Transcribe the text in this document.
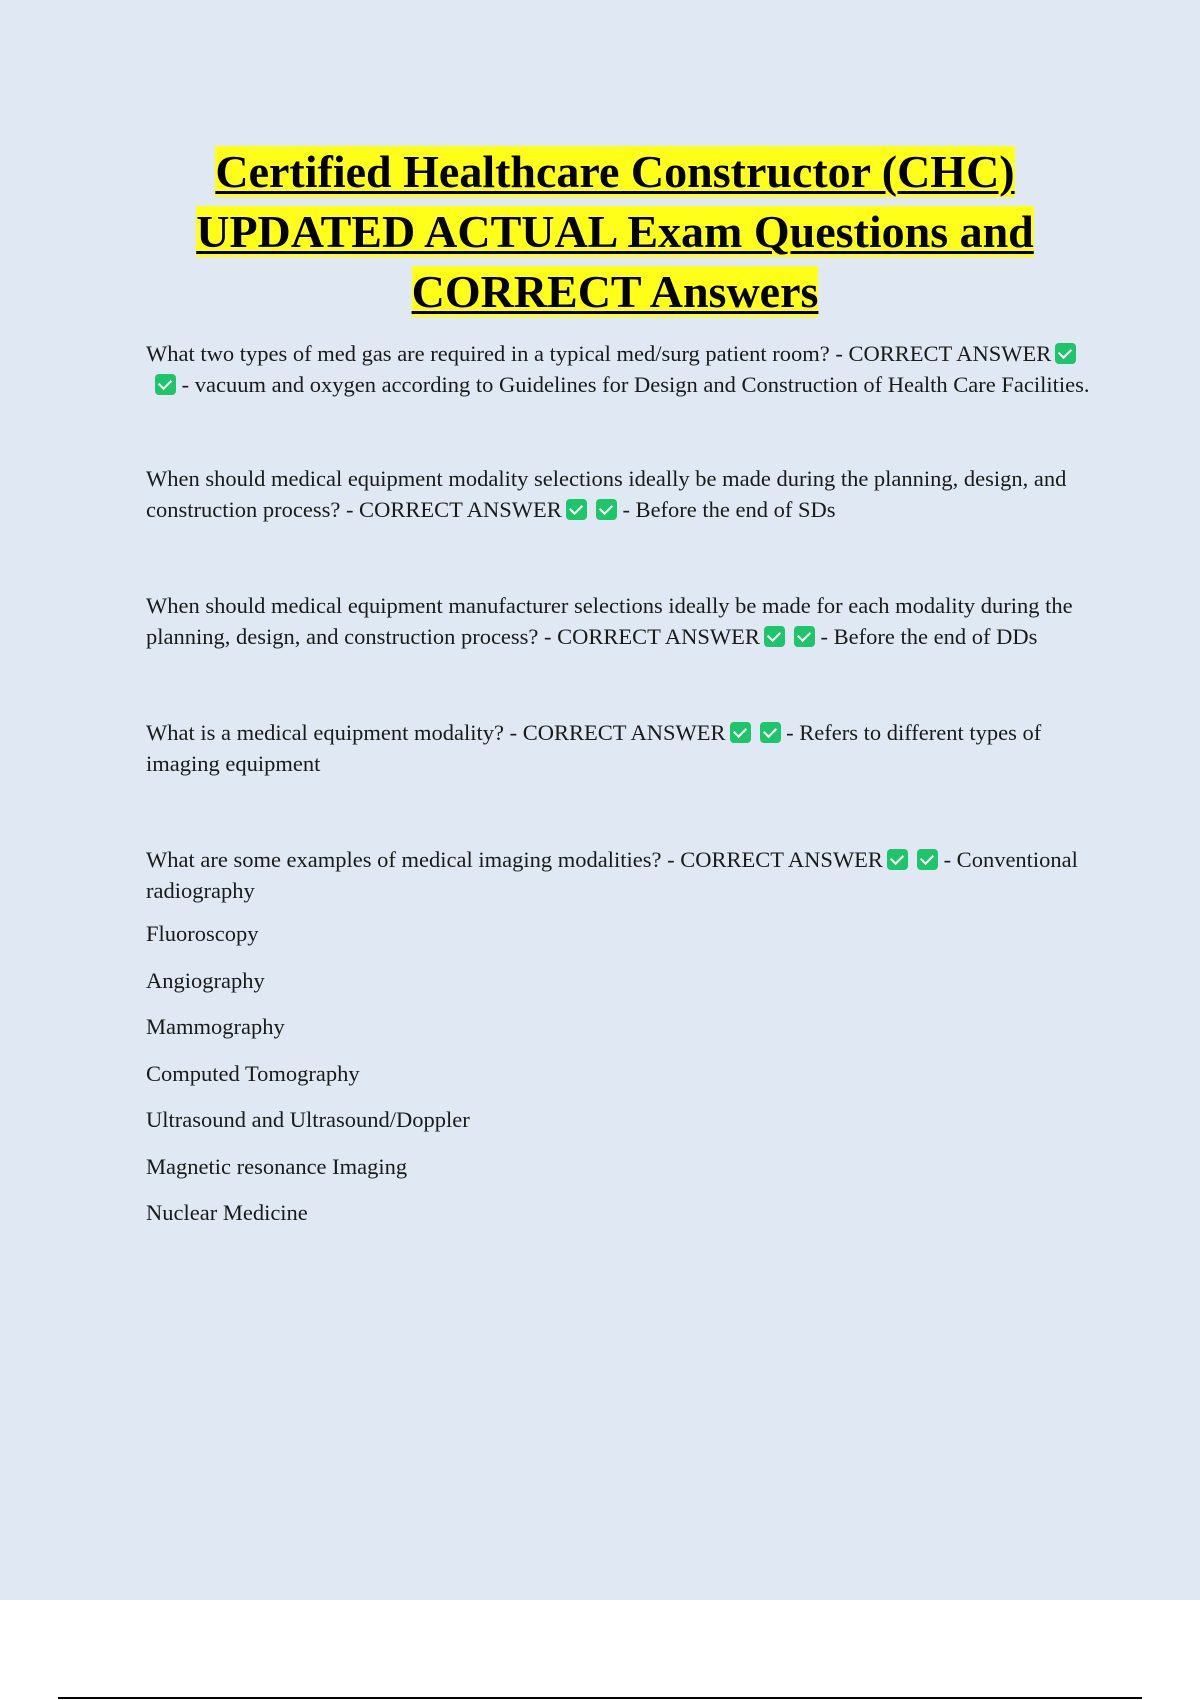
Certified Healthcare Constructor (CHC)
UPDATED ACTUAL Exam Questions and
CORRECT Answers

What two types of med gas are required in a typical med/surg patient room? - CORRECT ANSWER - vacuum and oxygen according to Guidelines for Design and Construction of Health Care Facilities.

When should medical equipment modality selections ideally be made during the planning, design, and construction process? - CORRECT ANSWER	- Before the end of SDs

When should medical equipment manufacturer selections ideally be made for each modality during the planning, design, and construction process? - CORRECT ANSWER	- Before the end of DDs

What is a medical equipment modality? - CORRECT ANSWER	- Refers to different types of imaging equipment

What are some examples of medical imaging modalities? - CORRECT ANSWER	- Conventional radiography

Fluoroscopy
Angiography
Mammography
Computed Tomography
Ultrasound and Ultrasound/Doppler
Magnetic resonance Imaging
Nuclear Medicine
